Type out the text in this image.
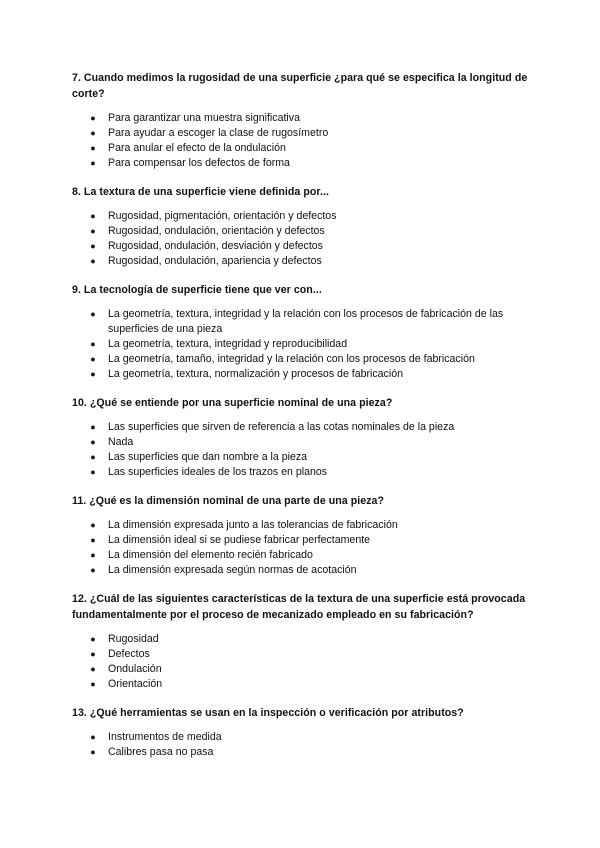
7. Cuando medimos la rugosidad de una superficie ¿para qué se especifica la longitud de corte?

● Para garantizar una muestra significativa
● Para ayudar a escoger la clase de rugosímetro
● Para anular el efecto de la ondulación
● Para compensar los defectos de forma

8. La textura de una superficie viene definida por...

● Rugosidad, pigmentación, orientación y defectos
● Rugosidad, ondulación, orientación y defectos
● Rugosidad, ondulación, desviación y defectos
● Rugosidad, ondulación, apariencia y defectos

9. La tecnología de superficie tiene que ver con...

● La geometría, textura, integridad y la relación con los procesos de fabricación de las superficies de una pieza
● La geometría, textura, integridad y reproducibilidad
● La geometría, tamaño, integridad y la relación con los procesos de fabricación
● La geometría, textura, normalización y procesos de fabricación

10. ¿Qué se entiende por una superficie nominal de una pieza?

● Las superficies que sirven de referencia a las cotas nominales de la pieza
● Nada
● Las superficies que dan nombre a la pieza
● Las superficies ideales de los trazos en planos

11. ¿Qué es la dimensión nominal de una parte de una pieza?

● La dimensión expresada junto a las tolerancias de fabricación
● La dimensión ideal si se pudiese fabricar perfectamente
● La dimensión del elemento recién fabricado
● La dimensión expresada según normas de acotación

12. ¿Cuál de las siguientes características de la textura de una superficie está provocada fundamentalmente por el proceso de mecanizado empleado en su fabricación?

● Rugosidad
● Defectos
● Ondulación
● Orientación

13. ¿Qué herramientas se usan en la inspección o verificación por atributos?

● Instrumentos de medida
● Calibres pasa no pasa
